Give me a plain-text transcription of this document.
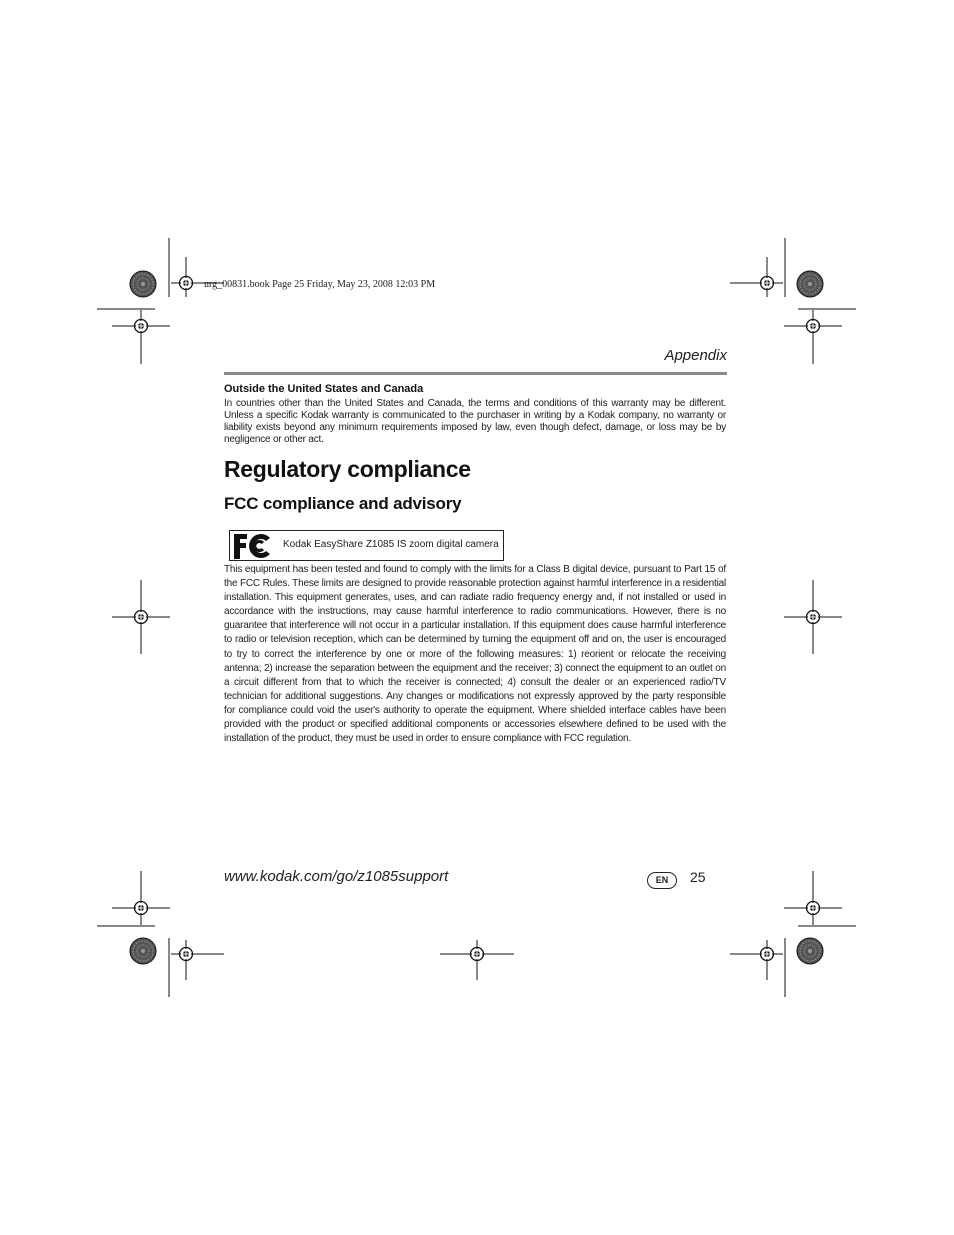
urg_00831.book Page 25 Friday, May 23, 2008 12:03 PM
Appendix
Outside the United States and Canada
In countries other than the United States and Canada, the terms and conditions of this warranty may be different. Unless a specific Kodak warranty is communicated to the purchaser in writing by a Kodak company, no warranty or liability exists beyond any minimum requirements imposed by law, even though defect, damage, or loss may be by negligence or other act.
Regulatory compliance
FCC compliance and advisory
Kodak EasyShare Z1085 IS zoom digital camera
This equipment has been tested and found to comply with the limits for a Class B digital device, pursuant to Part 15 of the FCC Rules. These limits are designed to provide reasonable protection against harmful interference in a residential installation. This equipment generates, uses, and can radiate radio frequency energy and, if not installed or used in accordance with the instructions, may cause harmful interference to radio communications. However, there is no guarantee that interference will not occur in a particular installation. If this equipment does cause harmful interference to radio or television reception, which can be determined by turning the equipment off and on, the user is encouraged to try to correct the interference by one or more of the following measures: 1) reorient or relocate the receiving antenna; 2) increase the separation between the equipment and the receiver; 3) connect the equipment to an outlet on a circuit different from that to which the receiver is connected; 4) consult the dealer or an experienced radio/TV technician for additional suggestions. Any changes or modifications not expressly approved by the party responsible for compliance could void the user's authority to operate the equipment. Where shielded interface cables have been provided with the product or specified additional components or accessories elsewhere defined to be used with the installation of the product, they must be used in order to ensure compliance with FCC regulation.
www.kodak.com/go/z1085support	EN	25
